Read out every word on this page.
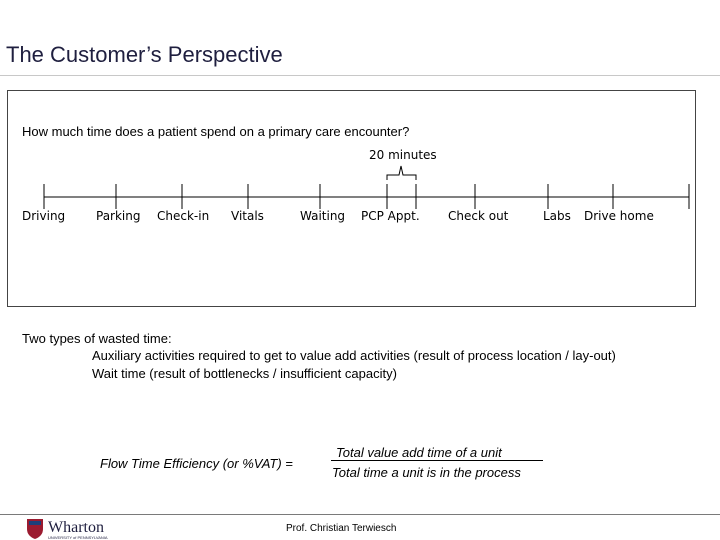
The Customer’s Perspective
How much time does a patient spend on a primary care encounter?
20 minutes
Driving	Parking Check-in Vitals	Waiting PCP Appt. Check out	Labs Drive home
Two types of wasted time:
Auxiliary activities required to get to value add activities (result of process location / lay-out)
Wait time (result of bottlenecks / insufficient capacity)
Flow Time Efficiency (or %VAT) =
Total value add time of a unit
Total time a unit is in the process
Wharton
UNIVERSITY of PENNSYLVANIA
Prof. Christian Terwiesch
